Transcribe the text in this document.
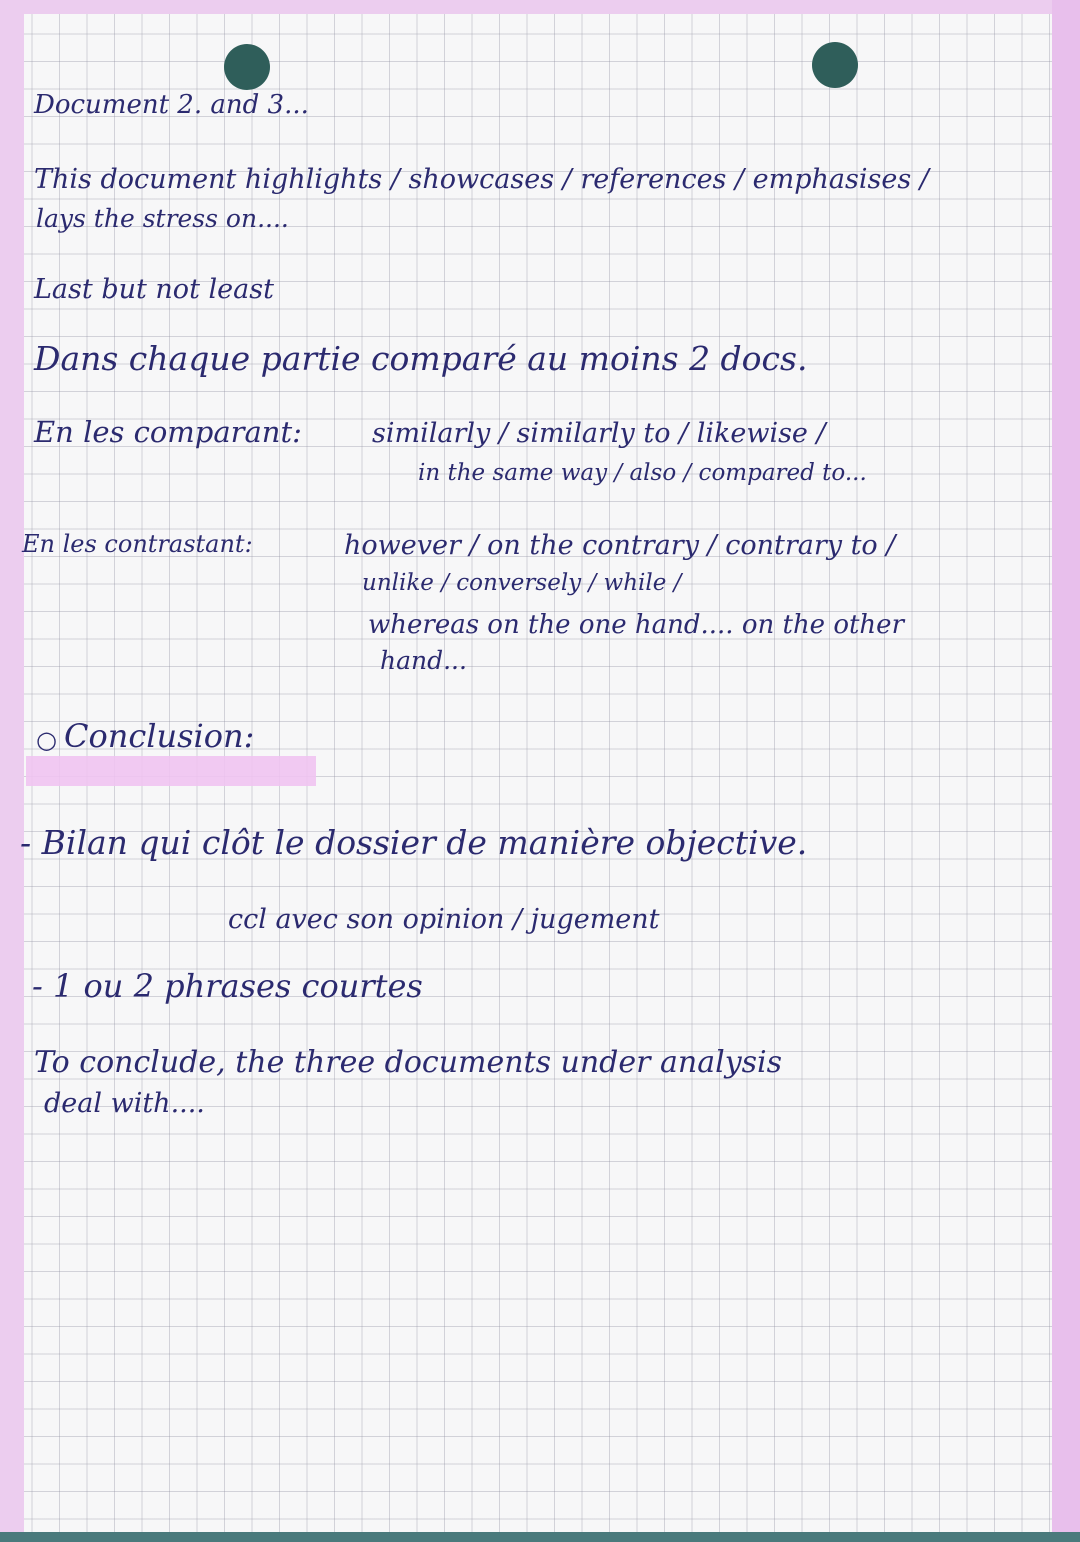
Document 2. and 3...
This document highlights / showcases / references / emphasises /
lays the stress on....
Last but not least
Dans chaque partie comparé au moins 2 docs.
En les comparant:	similarly / similarly to / likewise /
in the same way / also / compared to...
En les contrastant:	however / on the contrary / contrary to /
unlike / conversely / while /
whereas on the one hand.... on the other
hand...
○ Conclusion:
- Bilan qui clôt le dossier de manière objective.
ccl avec son opinion / jugement
- 1 ou 2 phrases courtes
To conclude, the three documents under analysis
deal with....
